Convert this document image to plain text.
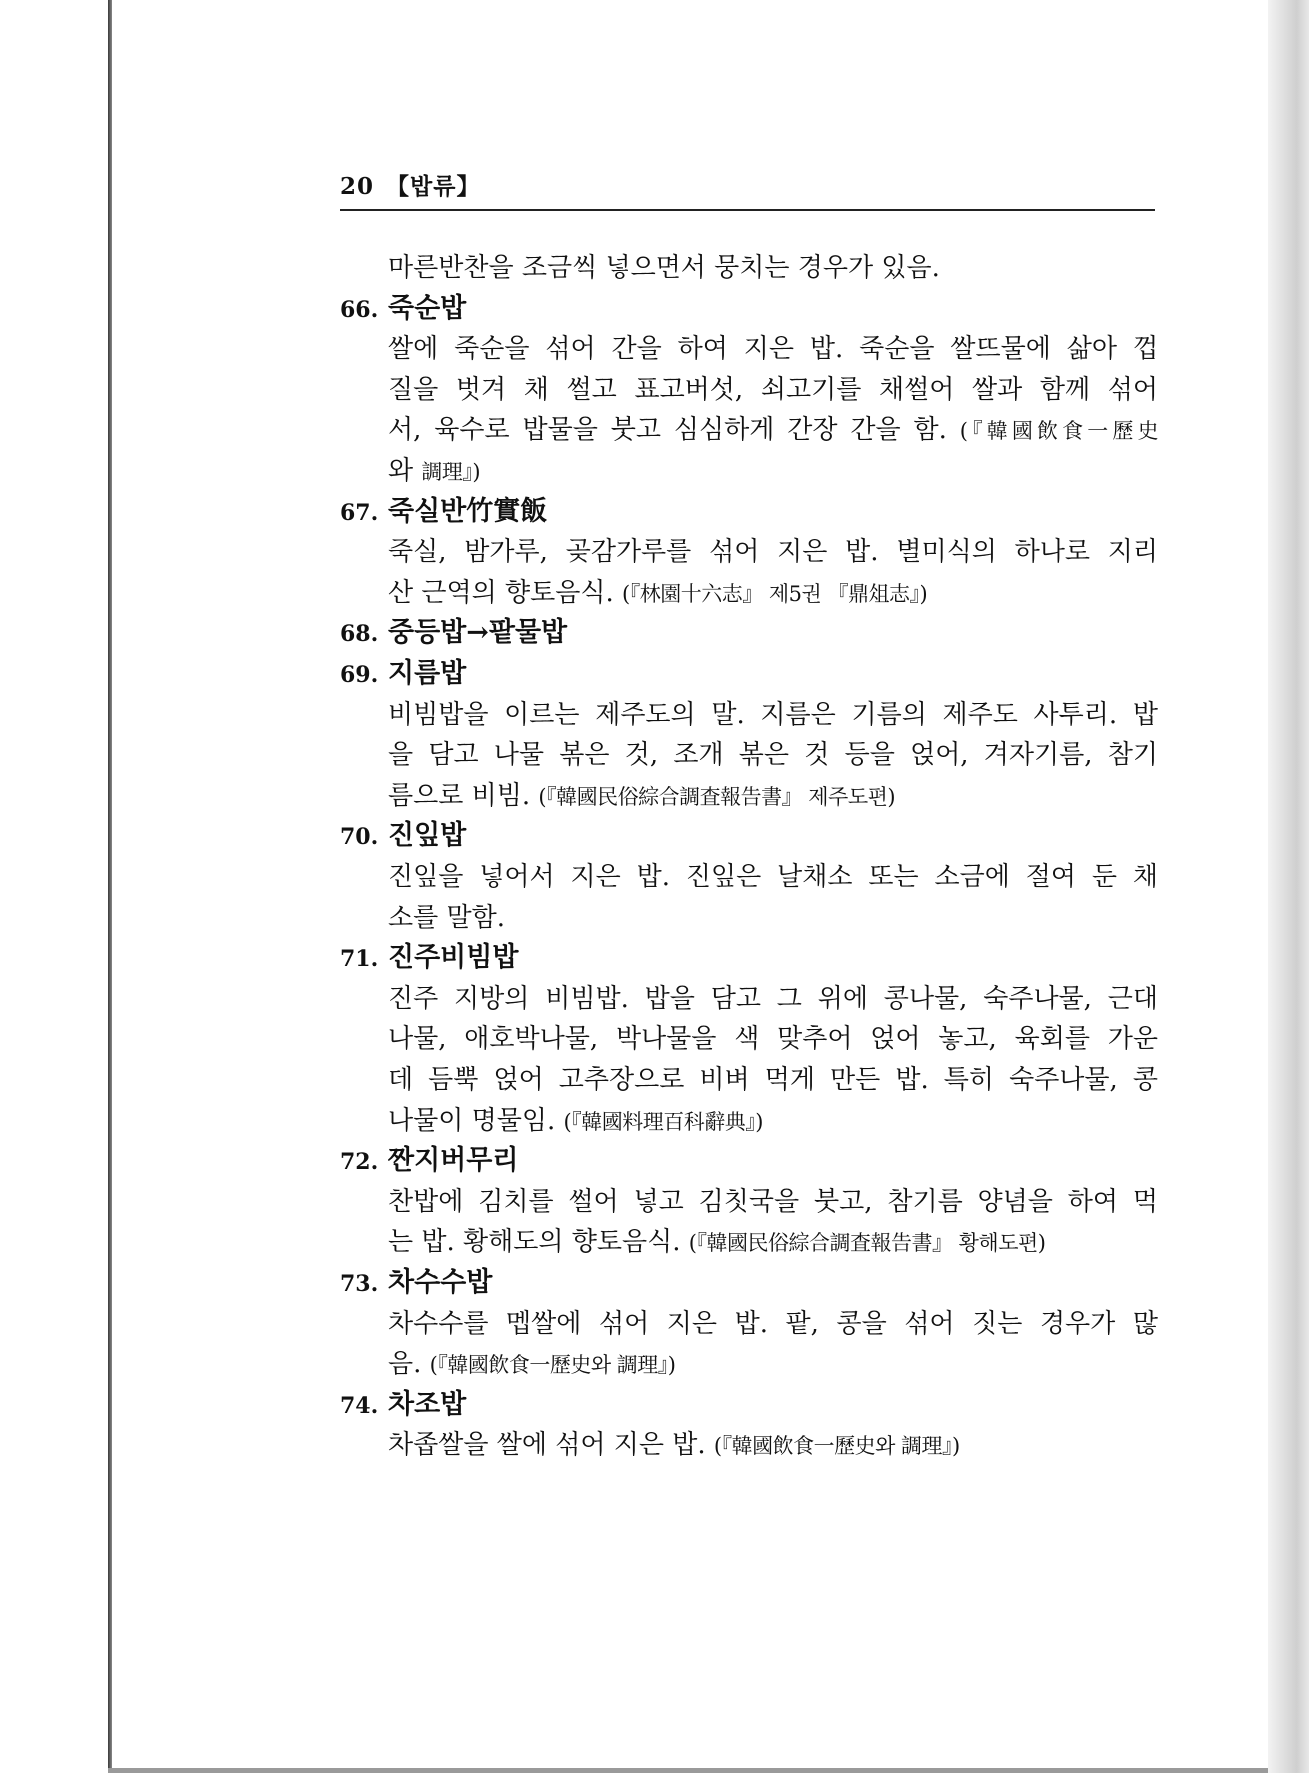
20 【밥류】
마른반찬을 조금씩 넣으면서 뭉치는 경우가 있음.
66. 죽순밥
쌀에 죽순을 섞어 간을 하여 지은 밥. 죽순을 쌀뜨물에 삶아 껍
질을 벗겨 채 썰고 표고버섯, 쇠고기를 채썰어 쌀과 함께 섞어
서, 육수로 밥물을 붓고 심심하게 간장 간을 함. (『韓國飲食一歷史
와 調理』)
67. 죽실반竹實飯
죽실, 밤가루, 곶감가루를 섞어 지은 밥. 별미식의 하나로 지리
산 근역의 향토음식. (『林園十六志』 제5권 『鼎俎志』)
68. 중등밥→팥물밥
69. 지름밥
비빔밥을 이르는 제주도의 말. 지름은 기름의 제주도 사투리. 밥
을 담고 나물 볶은 것, 조개 볶은 것 등을 얹어, 겨자기름, 참기
름으로 비빔. (『韓國民俗綜合調査報告書』 제주도편)
70. 진잎밥
진잎을 넣어서 지은 밥. 진잎은 날채소 또는 소금에 절여 둔 채
소를 말함.
71. 진주비빔밥
진주 지방의 비빔밥. 밥을 담고 그 위에 콩나물, 숙주나물, 근대
나물, 애호박나물, 박나물을 색 맞추어 얹어 놓고, 육회를 가운
데 듬뿍 얹어 고추장으로 비벼 먹게 만든 밥. 특히 숙주나물, 콩
나물이 명물임. (『韓國料理百科辭典』)
72. 짠지버무리
찬밥에 김치를 썰어 넣고 김칫국을 붓고, 참기름 양념을 하여 먹
는 밥. 황해도의 향토음식. (『韓國民俗綜合調査報告書』 황해도편)
73. 차수수밥
차수수를 멥쌀에 섞어 지은 밥. 팥, 콩을 섞어 짓는 경우가 많
음. (『韓國飲食一歷史와 調理』)
74. 차조밥
차좁쌀을 쌀에 섞어 지은 밥. (『韓國飲食一歷史와 調理』)
